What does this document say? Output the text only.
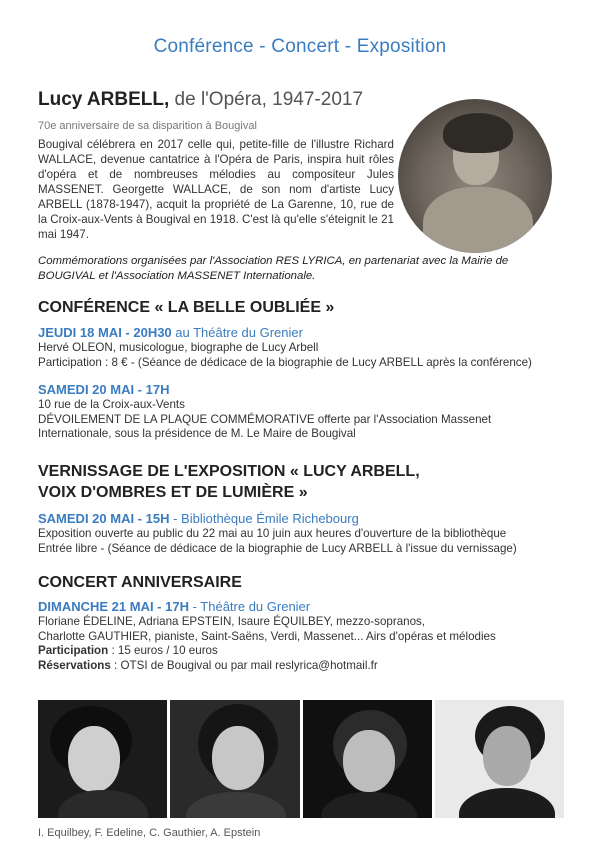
Conférence - Concert - Exposition
Lucy ARBELL, de l'Opéra, 1947-2017
70e anniversaire de sa disparition à Bougival

Bougival célébrera en 2017 celle qui, petite-fille de l'illustre Richard WALLACE, devenue cantatrice à l'Opéra de Paris, inspira huit rôles d'opéra et de nombreuses mélodies au compositeur Jules MASSENET. Georgette WALLACE, de son nom d'artiste Lucy ARBELL (1878-1947), acquit la propriété de La Garenne, 10, rue de la Croix-aux-Vents à Bougival en 1918. C'est là qu'elle s'éteignit le 21 mai 1947.

Commémorations organisées par l'Association RES LYRICA, en partenariat avec la Mairie de BOUGIVAL et l'Association MASSENET Internationale.
CONFÉRENCE « LA BELLE OUBLIÉE »
JEUDI 18 MAI - 20H30 au Théâtre du Grenier
Hervé OLEON, musicologue, biographe de Lucy Arbell
Participation : 8 € - (Séance de dédicace de la biographie de Lucy ARBELL après la conférence)
SAMEDI 20 MAI - 17H
10 rue de la Croix-aux-Vents
DÉVOILEMENT DE LA PLAQUE COMMÉMORATIVE offerte par l'Association Massenet
Internationale, sous la présidence de M. Le Maire de Bougival
VERNISSAGE DE L'EXPOSITION « LUCY ARBELL,
VOIX D'OMBRES ET DE LUMIÈRE »
SAMEDI 20 MAI - 15H - Bibliothèque Émile Richebourg
Exposition ouverte au public du 22 mai au 10 juin aux heures d'ouverture de la bibliothèque
Entrée libre - (Séance de dédicace de la biographie de Lucy ARBELL à l'issue du vernissage)
CONCERT ANNIVERSAIRE
DIMANCHE 21 MAI - 17H - Théâtre du Grenier
Floriane ÉDELINE, Adriana EPSTEIN, Isaure ÉQUILBEY, mezzo-sopranos,
Charlotte GAUTHIER, pianiste, Saint-Saëns, Verdi, Massenet... Airs d'opéras et mélodies
Participation : 15 euros / 10 euros
Réservations : OTSI de Bougival ou par mail reslyrica@hotmail.fr
I. Equilbey, F. Edeline, C. Gauthier, A. Epstein
